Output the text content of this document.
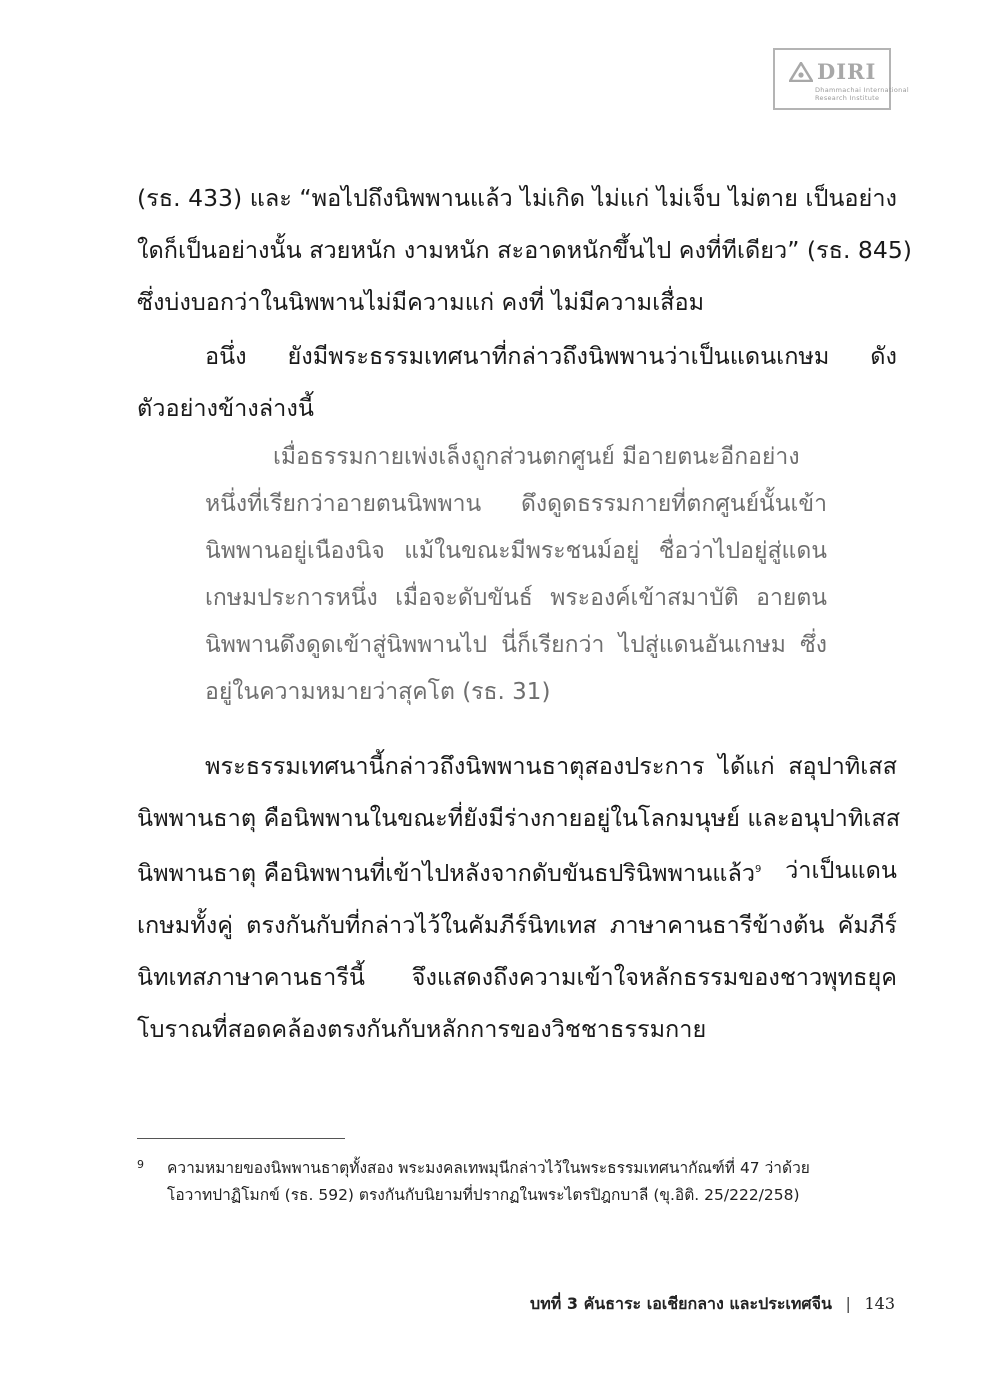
DIRI
Dhammachai International
Research Institute

(รธ. 433) และ “พอไปถึงนิพพานแล้ว ไม่เกิด ไม่แก่ ไม่เจ็บ ไม่ตาย เป็นอย่าง
ใดก็เป็นอย่างนั้น สวยหนัก งามหนัก สะอาดหนักขึ้นไป คงที่ทีเดียว” (รธ. 845)
ซึ่งบ่งบอกว่าในนิพพานไม่มีความแก่ คงที่ ไม่มีความเสื่อม

อนึ่ง ยังมีพระธรรมเทศนาที่กล่าวถึงนิพพานว่าเป็นแดนเกษม ดัง
ตัวอย่างข้างล่างนี้

เมื่อธรรมกายเพ่งเล็งถูกส่วนตกศูนย์ มีอายตนะอีกอย่าง
หนึ่งที่เรียกว่าอายตนนิพพาน ดึงดูดธรรมกายที่ตกศูนย์นั้นเข้า
นิพพานอยู่เนืองนิจ แม้ในขณะมีพระชนม์อยู่ ชื่อว่าไปอยู่สู่แดน
เกษมประการหนึ่ง เมื่อจะดับขันธ์ พระองค์เข้าสมาบัติ อายตน
นิพพานดึงดูดเข้าสู่นิพพานไป นี่ก็เรียกว่า ไปสู่แดนอันเกษม ซึ่ง
อยู่ในความหมายว่าสุคโต (รธ. 31)

พระธรรมเทศนานี้กล่าวถึงนิพพานธาตุสองประการ ได้แก่ สอุปาทิเสส
นิพพานธาตุ คือนิพพานในขณะที่ยังมีร่างกายอยู่ในโลกมนุษย์ และอนุปาทิเสส
นิพพานธาตุ คือนิพพานที่เข้าไปหลังจากดับขันธปรินิพพานแล้ว$^9$ ว่าเป็นแดน
เกษมทั้งคู่ ตรงกันกับที่กล่าวไว้ในคัมภีร์นิทเทส ภาษาคานธารีข้างต้น คัมภีร์
นิทเทสภาษาคานธารีนี้ จึงแสดงถึงความเข้าใจหลักธรรมของชาวพุทธยุค
โบราณที่สอดคล้องตรงกันกับหลักการของวิชชาธรรมกาย

9 ความหมายของนิพพานธาตุทั้งสอง พระมงคลเทพมุนีกล่าวไว้ในพระธรรมเทศนากัณฑ์ที่ 47 ว่าด้วย
โอวาทปาฏิโมกข์ (รธ. 592) ตรงกันกับนิยามที่ปรากฏในพระไตรปิฎกบาลี (ขุ.อิติ. 25/222/258)
บทที่ 3 คันธาระ เอเชียกลาง และประเทศจีน | 143
